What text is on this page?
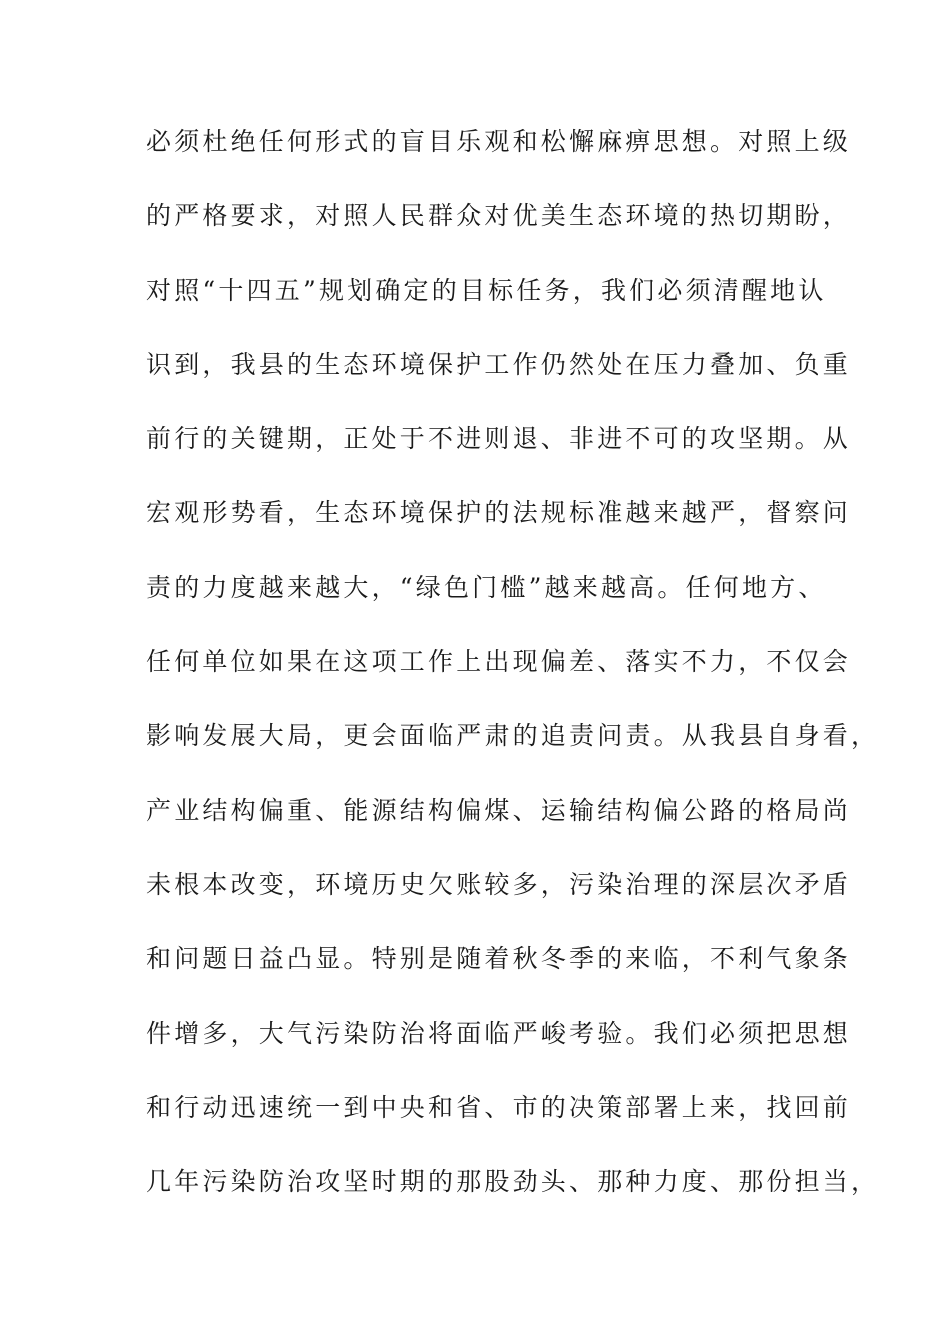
必须杜绝任何形式的盲目乐观和松懈麻痹思想。对照上级
的严格要求，对照人民群众对优美生态环境的热切期盼，
对照“十四五”规划确定的目标任务，我们必须清醒地认
识到，我县的生态环境保护工作仍然处在压力叠加、负重
前行的关键期，正处于不进则退、非进不可的攻坚期。从
宏观形势看，生态环境保护的法规标准越来越严，督察问
责的力度越来越大，“绿色门槛”越来越高。任何地方、
任何单位如果在这项工作上出现偏差、落实不力，不仅会
影响发展大局，更会面临严肃的追责问责。从我县自身看，
产业结构偏重、能源结构偏煤、运输结构偏公路的格局尚
未根本改变，环境历史欠账较多，污染治理的深层次矛盾
和问题日益凸显。特别是随着秋冬季的来临，不利气象条
件增多，大气污染防治将面临严峻考验。我们必须把思想
和行动迅速统一到中央和省、市的决策部署上来，找回前
几年污染防治攻坚时期的那股劲头、那种力度、那份担当，
